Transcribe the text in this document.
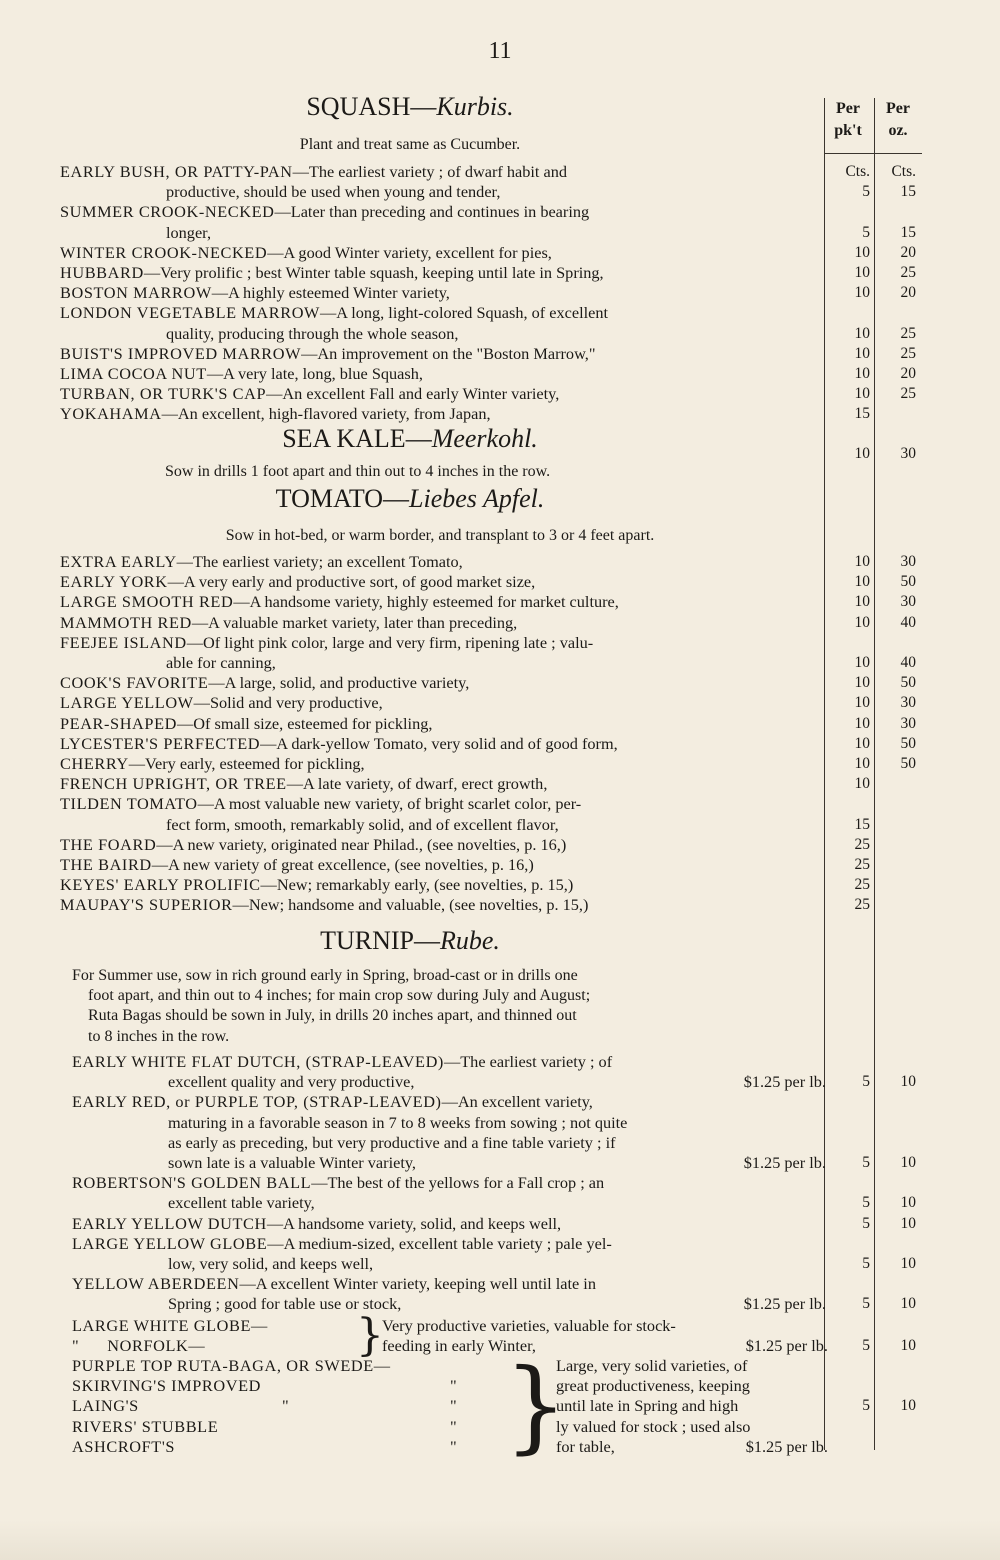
11
Per pk't
Per oz.
Cts.	Cts.
SQUASH—Kurbis.
Plant and treat same as Cucumber.
EARLY BUSH, OR PATTY-PAN—The earliest variety ; of dwarf habit and
productive, should be used when young and tender,	5	15
SUMMER CROOK-NECKED—Later than preceding and continues in bearing
longer,	5	15
WINTER CROOK-NECKED—A good Winter variety, excellent for pies,	10	20
HUBBARD—Very prolific ; best Winter table squash, keeping until late in Spring,	10	25
BOSTON MARROW—A highly esteemed Winter variety,	10	20
LONDON VEGETABLE MARROW—A long, light-colored Squash, of excellent
quality, producing through the whole season,	10	25
BUIST'S IMPROVED MARROW—An improvement on the "Boston Marrow,"	10	25
LIMA COCOA NUT—A very late, long, blue Squash,	10	20
TURBAN, OR TURK'S CAP—An excellent Fall and early Winter variety,	10	25
YOKAHAMA—An excellent, high-flavored variety, from Japan,	15
SEA KALE—Meerkohl.
Sow in drills 1 foot apart and thin out to 4 inches in the row.
10	30
TOMATO—Liebes Apfel.
Sow in hot-bed, or warm border, and transplant to 3 or 4 feet apart.
EXTRA EARLY—The earliest variety; an excellent Tomato,	10	30
EARLY YORK—A very early and productive sort, of good market size,	10	50
LARGE SMOOTH RED—A handsome variety, highly esteemed for market culture,	10	30
MAMMOTH RED—A valuable market variety, later than preceding,	10	40
FEEJEE ISLAND—Of light pink color, large and very firm, ripening late ; valu-
able for canning,	10	40
COOK'S FAVORITE—A large, solid, and productive variety,	10	50
LARGE YELLOW—Solid and very productive,	10	30
PEAR-SHAPED—Of small size, esteemed for pickling,	10	30
LYCESTER'S PERFECTED—A dark-yellow Tomato, very solid and of good form,	10	50
CHERRY—Very early, esteemed for pickling,	10	50
FRENCH UPRIGHT, OR TREE—A late variety, of dwarf, erect growth,	10
TILDEN TOMATO—A most valuable new variety, of bright scarlet color, per-
fect form, smooth, remarkably solid, and of excellent flavor,	15
THE FOARD—A new variety, originated near Philad., (see novelties, p. 16,)	25
THE BAIRD—A new variety of great excellence, (see novelties, p. 16,)	25
KEYES' EARLY PROLIFIC—New; remarkably early, (see novelties, p. 15,)	25
MAUPAY'S SUPERIOR—New; handsome and valuable, (see novelties, p. 15,)	25
TURNIP—Rube.
For Summer use, sow in rich ground early in Spring, broad-cast or in drills one
foot apart, and thin out to 4 inches; for main crop sow during July and August;
Ruta Bagas should be sown in July, in drills 20 inches apart, and thinned out
to 8 inches in the row.
EARLY WHITE FLAT DUTCH, (STRAP-LEAVED)—The earliest variety ; of
excellent quality and very productive,	$1.25 per lb.	5	10
EARLY RED, or PURPLE TOP, (STRAP-LEAVED)—An excellent variety,
maturing in a favorable season in 7 to 8 weeks from sowing ; not quite
as early as preceding, but very productive and a fine table variety ; if
sown late is a valuable Winter variety,	$1.25 per lb.	5	10
ROBERTSON'S GOLDEN BALL—The best of the yellows for a Fall crop ; an
excellent table variety,	5	10
EARLY YELLOW DUTCH—A handsome variety, solid, and keeps well,	5	10
LARGE YELLOW GLOBE—A medium-sized, excellent table variety ; pale yel-
low, very solid, and keeps well,	5	10
YELLOW ABERDEEN—A excellent Winter variety, keeping well until late in
Spring ; good for table use or stock,	$1.25 per lb.	5	10
LARGE WHITE GLOBE—
"      NORFOLK—	}
Very productive varieties, valuable for stock-
feeding in early Winter,	$1.25 per lb.	5	10
PURPLE TOP RUTA-BAGA, OR SWEDE—
SKIRVING'S IMPROVED	"
LAING'S	"	"
RIVERS' STUBBLE	"
ASHCROFT'S	" }
Large, very solid varieties, of
great productiveness, keeping
until late in Spring and high
ly valued for stock ; used also
for table,	$1.25 per lb.
5	10
